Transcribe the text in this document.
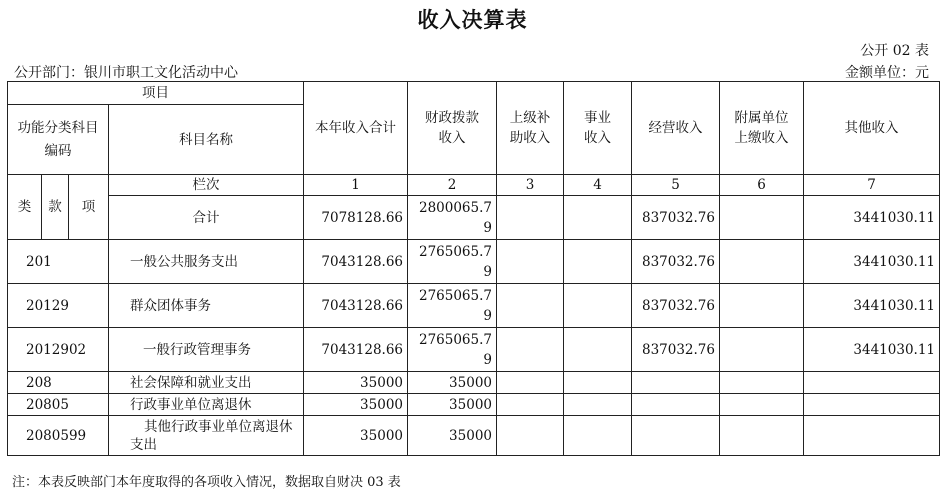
收入决算表
公开 02 表
公开部门：银川市职工文化活动中心	金额单位：元
项目				本年收入合计	财政拨款收入	上级补助收入	事业收入	经营收入	附属单位上缴收入	其他收入
功能分类科目编码			科目名称							
类	款	项	栏次	1	2	3	4	5	6	7
			合计	7078128.66	2800065.79			837032.76		3441030.11
201			一般公共服务支出	7043128.66	2765065.79			837032.76		3441030.11
20129			群众团体事务	7043128.66	2765065.79			837032.76		3441030.11
2012902			一般行政管理事务	7043128.66	2765065.79			837032.76		3441030.11
208			社会保障和就业支出	35000	35000					
20805			行政事业单位离退休	35000	35000					
2080599			其他行政事业单位离退休支出	35000	35000					
注：本表反映部门本年度取得的各项收入情况，数据取自财决 03 表
